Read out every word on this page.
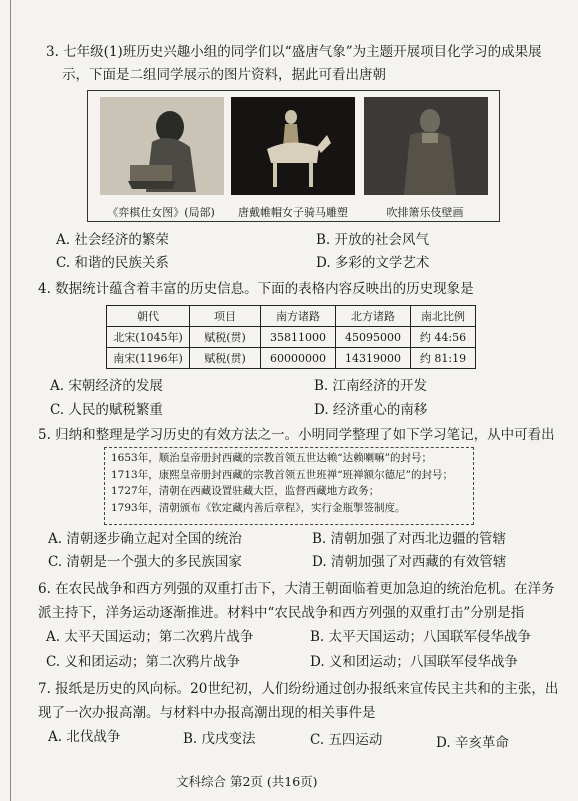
3. 七年级(1)班历史兴趣小组的同学们以“盛唐气象”为主题开展项目化学习的成果展
示，下面是二组同学展示的图片资料，据此可看出唐朝
《弈棋仕女图》(局部)	唐戴帷帽女子骑马雕塑	吹排箫乐伎壁画
A. 社会经济的繁荣	B. 开放的社会风气
C. 和谐的民族关系	D. 多彩的文学艺术
4. 数据统计蕴含着丰富的历史信息。下面的表格内容反映出的历史现象是
朝代	项目	南方诸路	北方诸路	南北比例
北宋(1045年)	赋税(贯)	35811000	45095000	约 44:56
南宋(1196年)	赋税(贯)	60000000	14319000	约 81:19
A. 宋朝经济的发展	B. 江南经济的开发
C. 人民的赋税繁重	D. 经济重心的南移
5. 归纳和整理是学习历史的有效方法之一。小明同学整理了如下学习笔记，从中可看出
1653年，顺治皇帝册封西藏的宗教首领五世达赖“达赖喇嘛”的封号；
1713年，康熙皇帝册封西藏的宗教首领五世班禅“班禅额尔德尼”的封号；
1727年，清朝在西藏设置驻藏大臣，监督西藏地方政务；
1793年，清朝颁布《钦定藏内善后章程》，实行金瓶掣签制度。
A. 清朝逐步确立起对全国的统治	B. 清朝加强了对西北边疆的管辖
C. 清朝是一个强大的多民族国家	D. 清朝加强了对西藏的有效管辖
6. 在农民战争和西方列强的双重打击下，大清王朝面临着更加急迫的统治危机。在洋务
派主持下，洋务运动逐渐推进。材料中“农民战争和西方列强的双重打击”分别是指
A. 太平天国运动；第二次鸦片战争	B. 太平天国运动；八国联军侵华战争
C. 义和团运动；第二次鸦片战争	D. 义和团运动；八国联军侵华战争
7. 报纸是历史的风向标。20世纪初，人们纷纷通过创办报纸来宣传民主共和的主张，出
现了一次办报高潮。与材料中办报高潮出现的相关事件是
A. 北伐战争	B. 戊戌变法	C. 五四运动	D. 辛亥革命
文科综合 第2页 (共16页)
